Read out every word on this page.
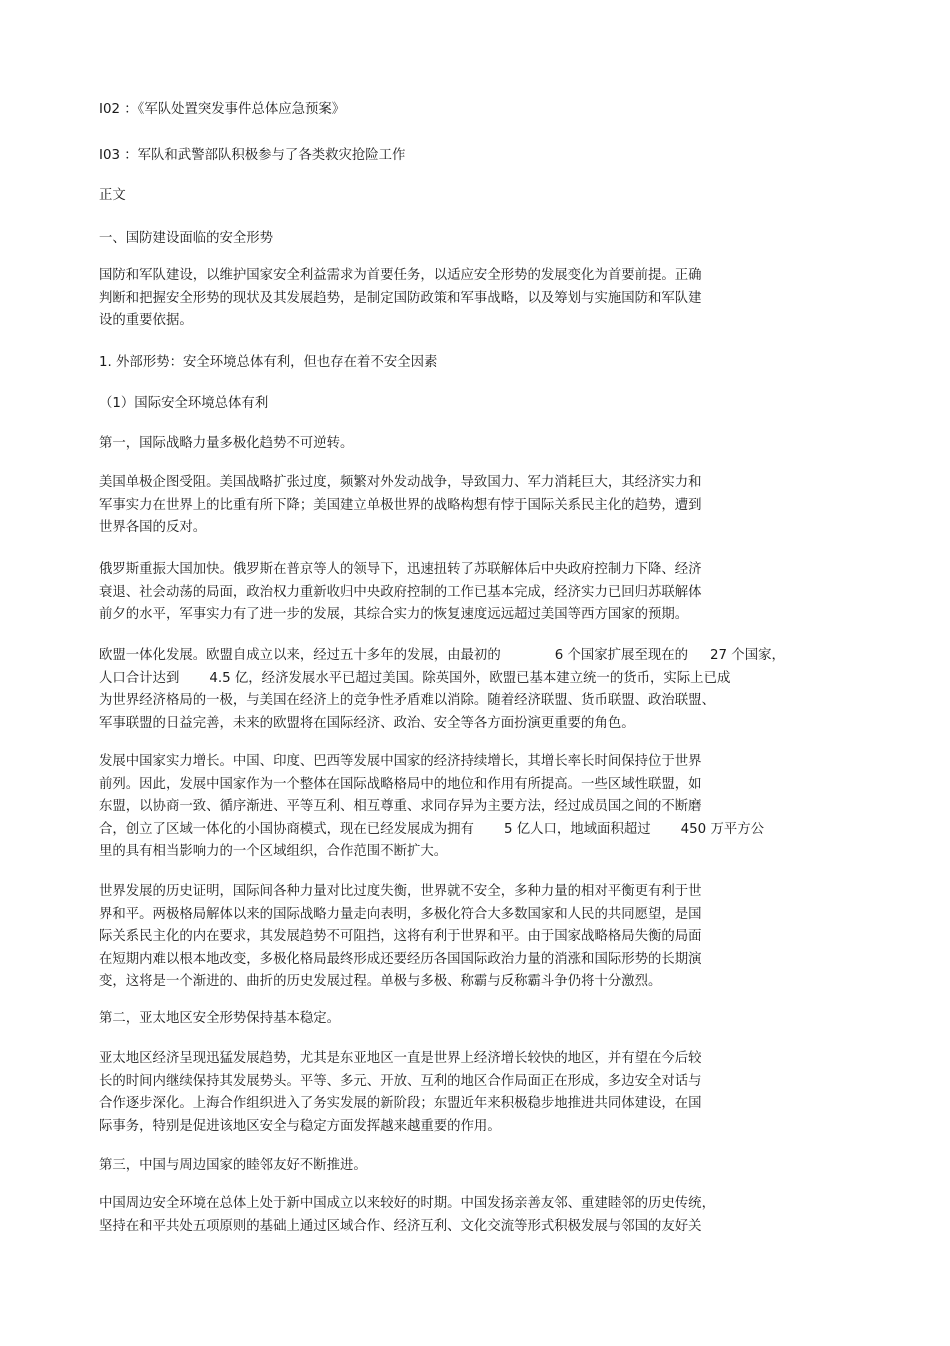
I02 ：《军队处置突发事件总体应急预案》

I03 ：军队和武警部队积极参与了各类救灾抢险工作

正文

一、国防建设面临的安全形势

国防和军队建设，以维护国家安全利益需求为首要任务，以适应安全形势的发展变化为首要前提。正确

判断和把握安全形势的现状及其发展趋势，是制定国防政策和军事战略，以及筹划与实施国防和军队建

设的重要依据。

1. 外部形势：安全环境总体有利，但也存在着不安全因素

（1）国际安全环境总体有利

第一，国际战略力量多极化趋势不可逆转。

美国单极企图受阻。美国战略扩张过度，频繁对外发动战争，导致国力、军力消耗巨大，其经济实力和

军事实力在世界上的比重有所下降；美国建立单极世界的战略构想有悖于国际关系民主化的趋势，遭到

世界各国的反对。

俄罗斯重振大国加快。俄罗斯在普京等人的领导下，迅速扭转了苏联解体后中央政府控制力下降、经济

衰退、社会动荡的局面，政治权力重新收归中央政府控制的工作已基本完成，经济实力已回归苏联解体

前夕的水平，军事实力有了进一步的发展，其综合实力的恢复速度远远超过美国等西方国家的预期。

欧盟一体化发展。欧盟自成立以来，经过五十多年的发展，由最初的	6 个国家扩展至现在的 27 个国家，

人口合计达到 4.5 亿，经济发展水平已超过美国。除英国外，欧盟已基本建立统一的货币，实际上已成

为世界经济格局的一极，与美国在经济上的竞争性矛盾难以消除。随着经济联盟、货币联盟、政治联盟、

军事联盟的日益完善，未来的欧盟将在国际经济、政治、安全等各方面扮演更重要的角色。

发展中国家实力增长。中国、印度、巴西等发展中国家的经济持续增长，其增长率长时间保持位于世界

前列。因此，发展中国家作为一个整体在国际战略格局中的地位和作用有所提高。一些区域性联盟，如

东盟，以协商一致、循序渐进、平等互利、相互尊重、求同存异为主要方法，经过成员国之间的不断磨

合，创立了区域一体化的小国协商模式，现在已经发展成为拥有 5 亿人口，地域面积超过 450 万平方公

里的具有相当影响力的一个区域组织，合作范围不断扩大。

世界发展的历史证明，国际间各种力量对比过度失衡，世界就不安全，多种力量的相对平衡更有利于世

界和平。两极格局解体以来的国际战略力量走向表明，多极化符合大多数国家和人民的共同愿望，是国

际关系民主化的内在要求，其发展趋势不可阻挡，这将有利于世界和平。由于国家战略格局失衡的局面

在短期内难以根本地改变，多极化格局最终形成还要经历各国国际政治力量的消涨和国际形势的长期演

变，这将是一个渐进的、曲折的历史发展过程。单极与多极、称霸与反称霸斗争仍将十分激烈。

第二，亚太地区安全形势保持基本稳定。

亚太地区经济呈现迅猛发展趋势，尤其是东亚地区一直是世界上经济增长较快的地区，并有望在今后较

长的时间内继续保持其发展势头。平等、多元、开放、互利的地区合作局面正在形成，多边安全对话与

合作逐步深化。上海合作组织进入了务实发展的新阶段；东盟近年来积极稳步地推进共同体建设，在国

际事务，特别是促进该地区安全与稳定方面发挥越来越重要的作用。

第三，中国与周边国家的睦邻友好不断推进。

中国周边安全环境在总体上处于新中国成立以来较好的时期。中国发扬亲善友邻、重建睦邻的历史传统，

坚持在和平共处五项原则的基础上通过区域合作、经济互利、文化交流等形式积极发展与邻国的友好关
